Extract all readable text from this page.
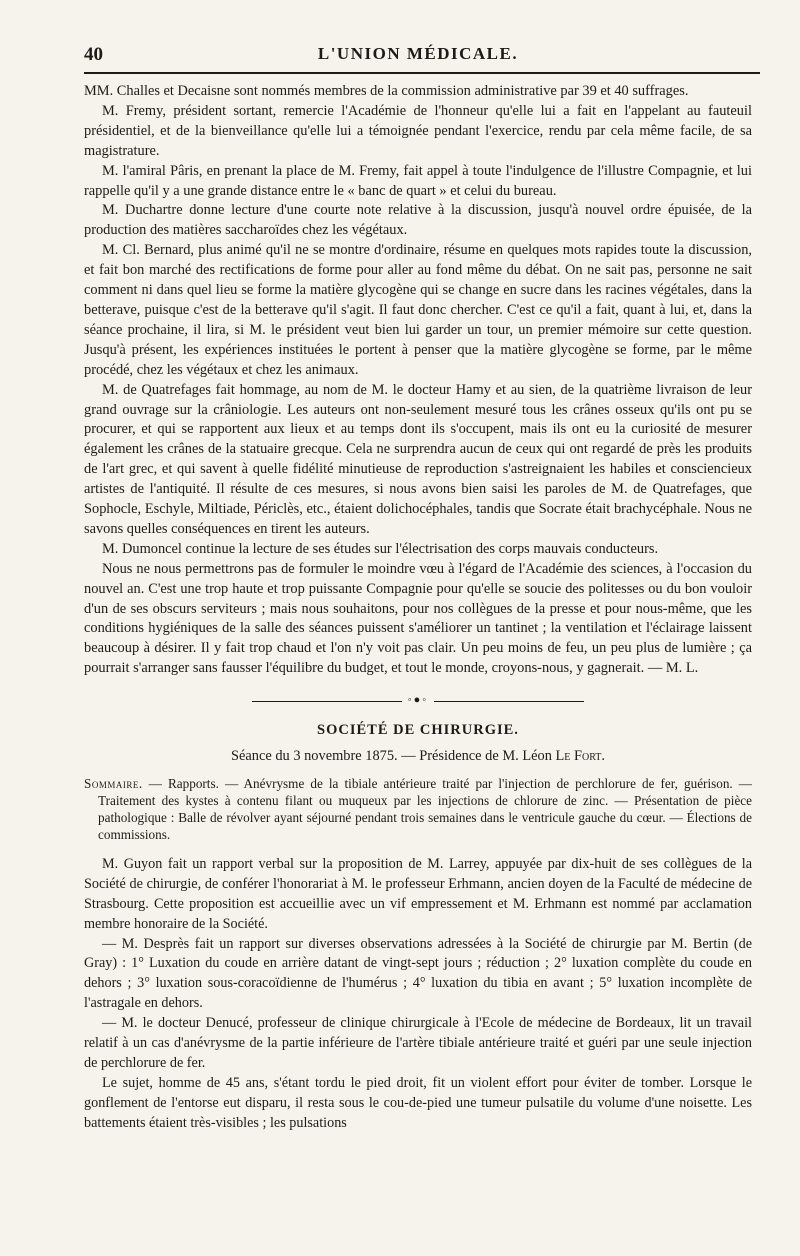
40	L'UNION MÉDICALE.

MM. Challes et Decaisne sont nommés membres de la commission administrative par 39 et 40 suffrages.

M. Fremy, président sortant, remercie l'Académie de l'honneur qu'elle lui a fait en l'appelant au fauteuil présidentiel, et de la bienveillance qu'elle lui a témoignée pendant l'exercice, rendu par cela même facile, de sa magistrature.

M. l'amiral Pâris, en prenant la place de M. Fremy, fait appel à toute l'indulgence de l'illustre Compagnie, et lui rappelle qu'il y a une grande distance entre le « banc de quart » et celui du bureau.

M. Duchartre donne lecture d'une courte note relative à la discussion, jusqu'à nouvel ordre épuisée, de la production des matières saccharoïdes chez les végétaux.

M. Cl. Bernard, plus animé qu'il ne se montre d'ordinaire, résume en quelques mots rapides toute la discussion, et fait bon marché des rectifications de forme pour aller au fond même du débat. On ne sait pas, personne ne sait comment ni dans quel lieu se forme la matière glycogène qui se change en sucre dans les racines végétales, dans la betterave, puisque c'est de la betterave qu'il s'agit. Il faut donc chercher. C'est ce qu'il a fait, quant à lui, et, dans la séance prochaine, il lira, si M. le président veut bien lui garder un tour, un premier mémoire sur cette question. Jusqu'à présent, les expériences instituées le portent à penser que la matière glycogène se forme, par le même procédé, chez les végétaux et chez les animaux.

M. de Quatrefages fait hommage, au nom de M. le docteur Hamy et au sien, de la quatrième livraison de leur grand ouvrage sur la crâniologie. Les auteurs ont non-seulement mesuré tous les crânes osseux qu'ils ont pu se procurer, et qui se rapportent aux lieux et au temps dont ils s'occupent, mais ils ont eu la curiosité de mesurer également les crânes de la statuaire grecque. Cela ne surprendra aucun de ceux qui ont regardé de près les produits de l'art grec, et qui savent à quelle fidélité minutieuse de reproduction s'astreignaient les habiles et consciencieux artistes de l'antiquité. Il résulte de ces mesures, si nous avons bien saisi les paroles de M. de Quatrefages, que Sophocle, Eschyle, Miltiade, Périclès, etc., étaient dolichocéphales, tandis que Socrate était brachycéphale. Nous ne savons quelles conséquences en tirent les auteurs.

M. Dumoncel continue la lecture de ses études sur l'électrisation des corps mauvais conducteurs.

Nous ne nous permettrons pas de formuler le moindre vœu à l'égard de l'Académie des sciences, à l'occasion du nouvel an. C'est une trop haute et trop puissante Compagnie pour qu'elle se soucie des politesses ou du bon vouloir d'un de ses obscurs serviteurs ; mais nous souhaitons, pour nos collègues de la presse et pour nous-même, que les conditions hygiéniques de la salle des séances puissent s'améliorer un tantinet ; la ventilation et l'éclairage laissent beaucoup à désirer. Il y fait trop chaud et l'on n'y voit pas clair. Un peu moins de feu, un peu plus de lumière ; ça pourrait s'arranger sans fausser l'équilibre du budget, et tout le monde, croyons-nous, y gagnerait. — M. L.

◦●◦
SOCIÉTÉ DE CHIRURGIE.
Séance du 3 novembre 1875. — Présidence de M. Léon Le Fort.
Sommaire. — Rapports. — Anévrysme de la tibiale antérieure traité par l'injection de perchlorure de fer, guérison. — Traitement des kystes à contenu filant ou muqueux par les injections de chlorure de zinc. — Présentation de pièce pathologique : Balle de révolver ayant séjourné pendant trois semaines dans le ventricule gauche du cœur. — Élections de commissions.

M. Guyon fait un rapport verbal sur la proposition de M. Larrey, appuyée par dix-huit de ses collègues de la Société de chirurgie, de conférer l'honorariat à M. le professeur Erhmann, ancien doyen de la Faculté de médecine de Strasbourg. Cette proposition est accueillie avec un vif empressement et M. Erhmann est nommé par acclamation membre honoraire de la Société.

— M. Desprès fait un rapport sur diverses observations adressées à la Société de chirurgie par M. Bertin (de Gray) : 1° Luxation du coude en arrière datant de vingt-sept jours ; réduction ; 2° luxation complète du coude en dehors ; 3° luxation sous-coracoïdienne de l'humérus ; 4° luxation du tibia en avant ; 5° luxation incomplète de l'astragale en dehors.

— M. le docteur Denucé, professeur de clinique chirurgicale à l'Ecole de médecine de Bordeaux, lit un travail relatif à un cas d'anévrysme de la partie inférieure de l'artère tibiale antérieure traité et guéri par une seule injection de perchlorure de fer.

Le sujet, homme de 45 ans, s'étant tordu le pied droit, fit un violent effort pour éviter de tomber. Lorsque le gonflement de l'entorse eut disparu, il resta sous le cou-de-pied une tumeur pulsatile du volume d'une noisette. Les battements étaient très-visibles ; les pulsations
